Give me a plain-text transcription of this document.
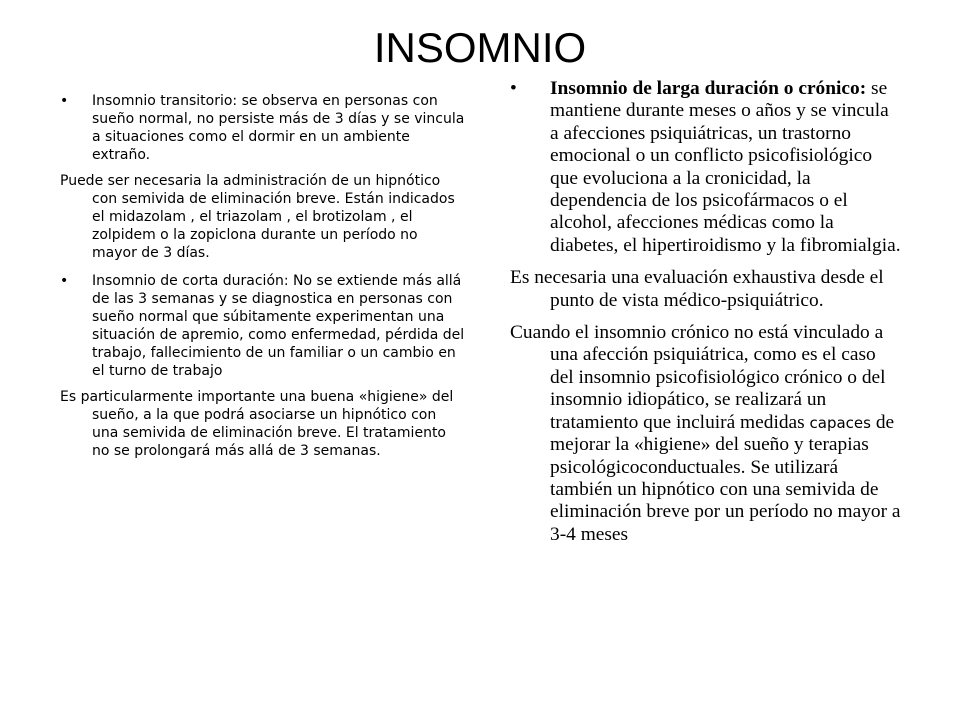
INSOMNIO
• Insomnio transitorio: se observa en personas con sueño normal, no persiste más de 3 días y se vincula a situaciones como el dormir en un ambiente extraño.
Puede ser necesaria la administración de un hipnótico con semivida de eliminación breve. Están indicados el midazolam , el triazolam , el brotizolam , el zolpidem o la zopiclona durante un período no mayor de 3 días.
• Insomnio de corta duración: No se extiende más allá de las 3 semanas y se diagnostica en personas con sueño normal que súbitamente experimentan una situación de apremio, como enfermedad, pérdida del trabajo, fallecimiento de un familiar o un cambio en el turno de trabajo
Es particularmente importante una buena «higiene» del sueño, a la que podrá asociarse un hipnótico con una semivida de eliminación breve. El tratamiento no se prolongará más allá de 3 semanas.
• Insomnio de larga duración o crónico: se mantiene durante meses o años y se vincula a afecciones psiquiátricas, un trastorno emocional o un conflicto psicofisiológico que evoluciona a la cronicidad, la dependencia de los psicofármacos o el alcohol, afecciones médicas como la diabetes, el hipertiroidismo y la fibromialgia.
Es necesaria una evaluación exhaustiva desde el punto de vista médico-psiquiátrico.
Cuando el insomnio crónico no está vinculado a una afección psiquiátrica, como es el caso del insomnio psicofisiológico crónico o del insomnio idiopático, se realizará un tratamiento que incluirá medidas capaces de mejorar la «higiene» del sueño y terapias psicológicoconductuales. Se utilizará también un hipnótico con una semivida de eliminación breve por un período no mayor a 3-4 meses
